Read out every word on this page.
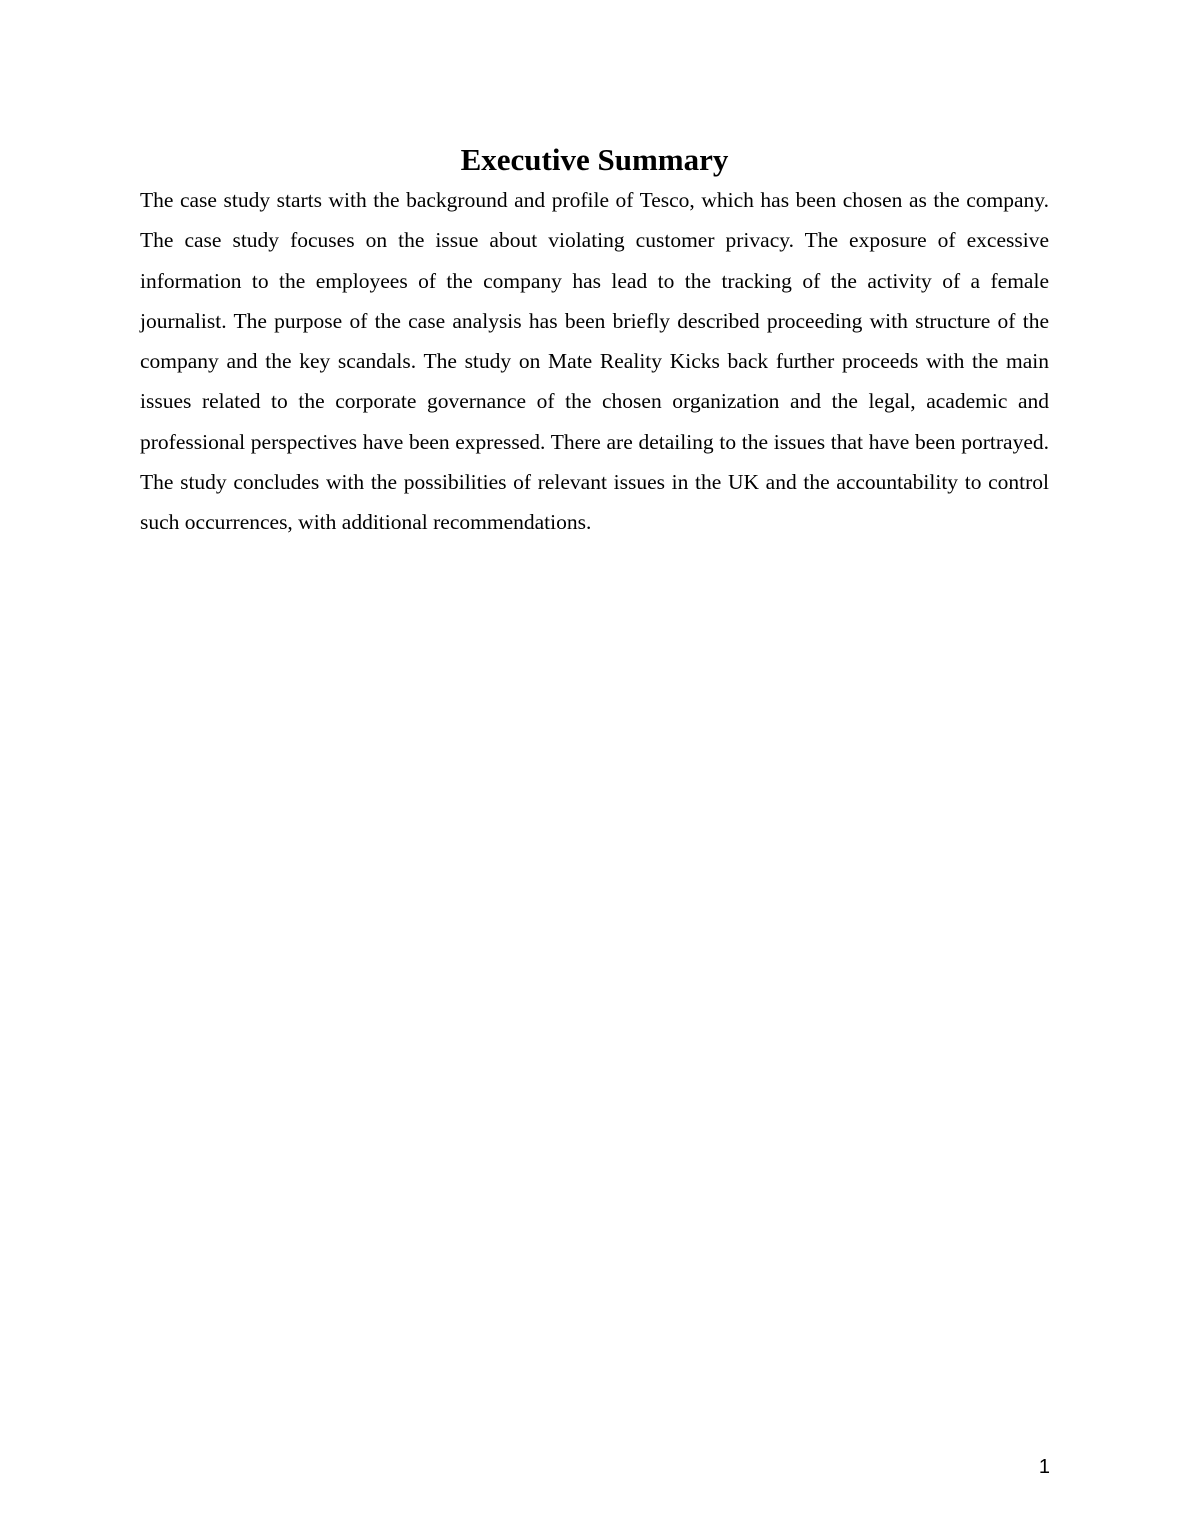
Executive Summary

The case study starts with the background and profile of Tesco, which has been chosen as the company. The case study focuses on the issue about violating customer privacy. The exposure of excessive information to the employees of the company has lead to the tracking of the activity of a female journalist. The purpose of the case analysis has been briefly described proceeding with structure of the company and the key scandals. The study on Mate Reality Kicks back further proceeds with the main issues related to the corporate governance of the chosen organization and the legal, academic and professional perspectives have been expressed. There are detailing to the issues that have been portrayed. The study concludes with the possibilities of relevant issues in the UK and the accountability to control such occurrences, with additional recommendations.

1
